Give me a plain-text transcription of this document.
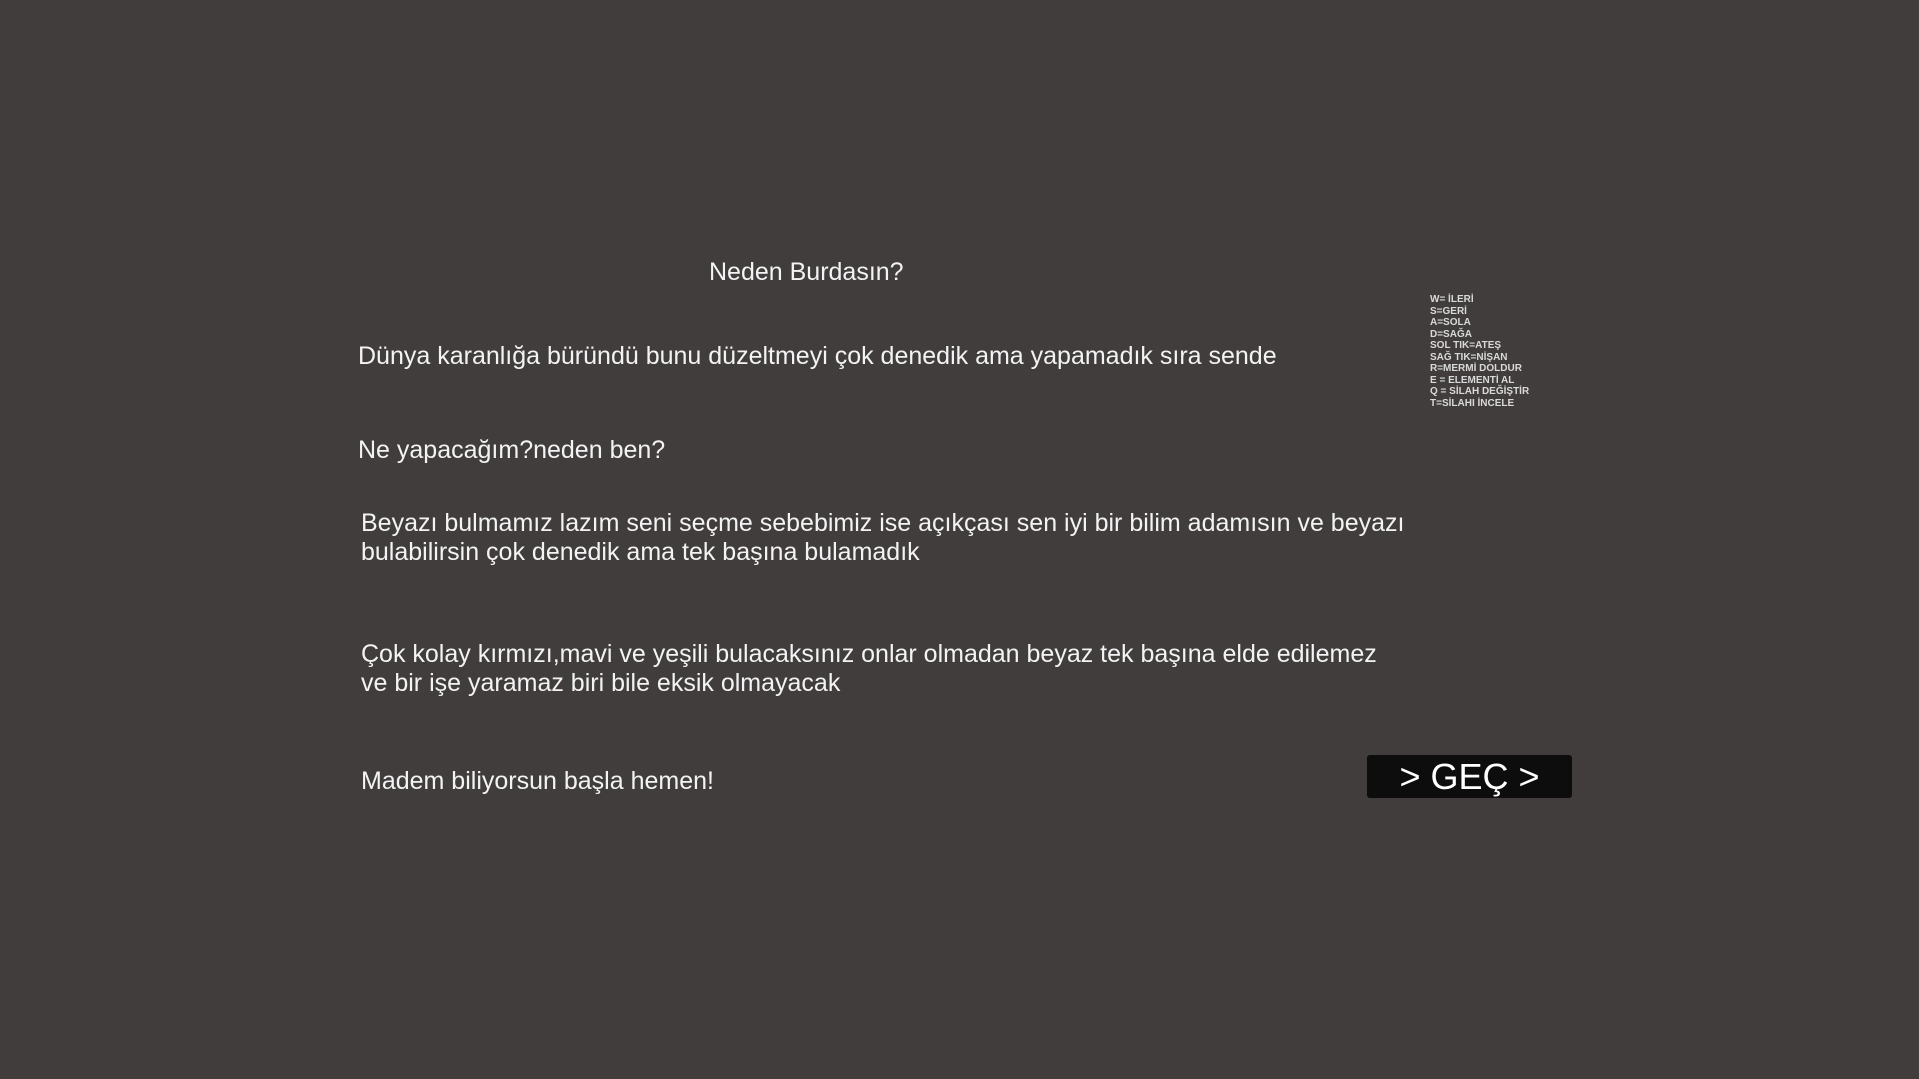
Neden Burdasın?
Dünya karanlığa büründü bunu düzeltmeyi çok denedik ama yapamadık sıra sende
Ne yapacağım?neden ben?
Beyazı bulmamız lazım seni seçme sebebimiz ise açıkçası sen iyi bir bilim adamısın ve beyazı
bulabilirsin çok denedik ama tek başına bulamadık
Çok kolay kırmızı,mavi ve yeşili bulacaksınız onlar olmadan beyaz tek başına elde edilemez
ve bir işe yaramaz biri bile eksik olmayacak
Madem biliyorsun başla hemen!
W= İLERİ
S=GERİ
A=SOLA
D=SAĞA
SOL TIK=ATEŞ
SAĞ TIK=NİŞAN
R=MERMİ DOLDUR
E = ELEMENTİ AL
Q = SİLAH DEĞİŞTİR
T=SİLAHI İNCELE
> GEÇ >
